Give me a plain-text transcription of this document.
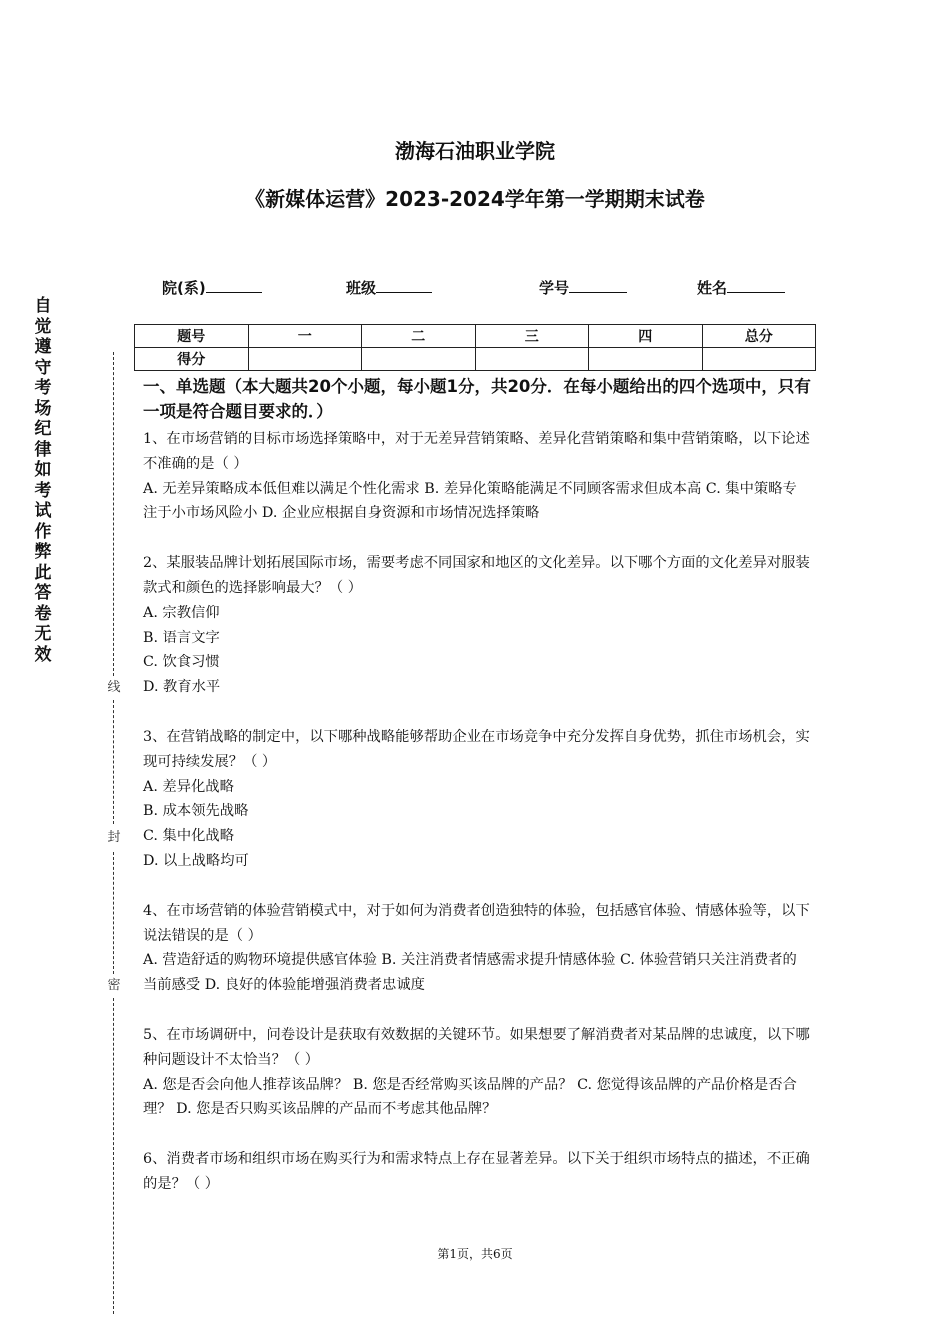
自
觉
遵
守
考
场
纪
律
如
考
试
作
弊
此
答
卷
无
效
线
封
密
渤海石油职业学院
《新媒体运营》2023-2024学年第一学期期末试卷
院(系)	班级	学号	姓名
题号	一	二	三	四	总分
得分					

一、单选题（本大题共20个小题，每小题1分，共20分．在每小题给出的四个选项中，只有一项是符合题目要求的．）

1、在市场营销的目标市场选择策略中，对于无差异营销策略、差异化营销策略和集中营销策略，以下论述不准确的是（ ）

A. 无差异策略成本低但难以满足个性化需求 B. 差异化策略能满足不同顾客需求但成本高 C. 集中策略专注于小市场风险小 D. 企业应根据自身资源和市场情况选择策略

2、某服装品牌计划拓展国际市场，需要考虑不同国家和地区的文化差异。以下哪个方面的文化差异对服装款式和颜色的选择影响最大？（ ）

A. 宗教信仰

B. 语言文字

C. 饮食习惯

D. 教育水平

3、在营销战略的制定中，以下哪种战略能够帮助企业在市场竞争中充分发挥自身优势，抓住市场机会，实现可持续发展？（ ）

A. 差异化战略

B. 成本领先战略

C. 集中化战略

D. 以上战略均可

4、在市场营销的体验营销模式中，对于如何为消费者创造独特的体验，包括感官体验、情感体验等，以下说法错误的是（ ）

A. 营造舒适的购物环境提供感官体验 B. 关注消费者情感需求提升情感体验 C. 体验营销只关注消费者的当前感受 D. 良好的体验能增强消费者忠诚度

5、在市场调研中，问卷设计是获取有效数据的关键环节。如果想要了解消费者对某品牌的忠诚度，以下哪种问题设计不太恰当？（ ）

A. 您是否会向他人推荐该品牌？ B. 您是否经常购买该品牌的产品？ C. 您觉得该品牌的产品价格是否合理？ D. 您是否只购买该品牌的产品而不考虑其他品牌？

6、消费者市场和组织市场在购买行为和需求特点上存在显著差异。以下关于组织市场特点的描述，不正确的是？（ ）

第1页，共6页
